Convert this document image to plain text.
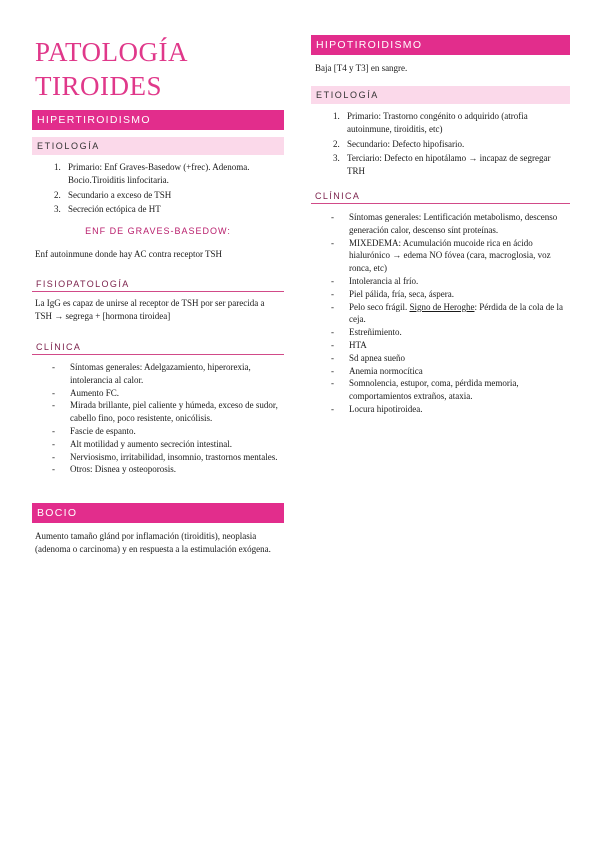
PATOLOGÍA
TIROIDES
HIPERTIROIDISMO
ETIOLOGÍA
1. Primario: Enf Graves-Basedow (+frec). Adenoma. Bocio.Tiroiditis linfocitaria.
2. Secundario a exceso de TSH
3. Secreción ectópica de HT
ENF DE GRAVES-BASEDOW:

Enf autoinmune donde hay AC contra receptor TSH

FISIOPATOLOGÍA

La IgG es capaz de unirse al receptor de TSH por ser parecida a TSH → segrega + [hormona tiroidea]

CLÍNICA
- Síntomas generales: Adelgazamiento, hiperorexia, intolerancia al calor.
- Aumento FC.
- Mirada brillante, piel caliente y húmeda, exceso de sudor, cabello fino, poco resistente, onicólisis.
- Fascie de espanto.
- Alt motilidad y aumento secreción intestinal.
- Nerviosismo, irritabilidad, insomnio, trastornos mentales.
- Otros: Disnea y osteoporosis.
BOCIO

Aumento tamaño glánd por inflamación (tiroiditis), neoplasia (adenoma o carcinoma) y en respuesta a la estimulación exógena.

HIPOTIROIDISMO

Baja [T4 y T3] en sangre.

ETIOLOGÍA
1. Primario: Trastorno congénito o adquirido (atrofia autoinmune, tiroiditis, etc)
2. Secundario: Defecto hipofisario.
3. Terciario: Defecto en hipotálamo → incapaz de segregar TRH
CLÍNICA
- Síntomas generales: Lentificación metabolismo, descenso generación calor, descenso sínt proteínas.
- MIXEDEMA: Acumulación mucoide rica en ácido hialurónico → edema NO fóvea (cara, macroglosia, voz ronca, etc)
- Intolerancia al frío.
- Piel pálida, fría, seca, áspera.
- Pelo seco frágil. Signo de Heroghe: Pérdida de la cola de la ceja.
- Estreñimiento.
- HTA
- Sd apnea sueño
- Anemia normocítica
- Somnolencia, estupor, coma, pérdida memoria, comportamientos extraños, ataxia.
- Locura hipotiroidea.
